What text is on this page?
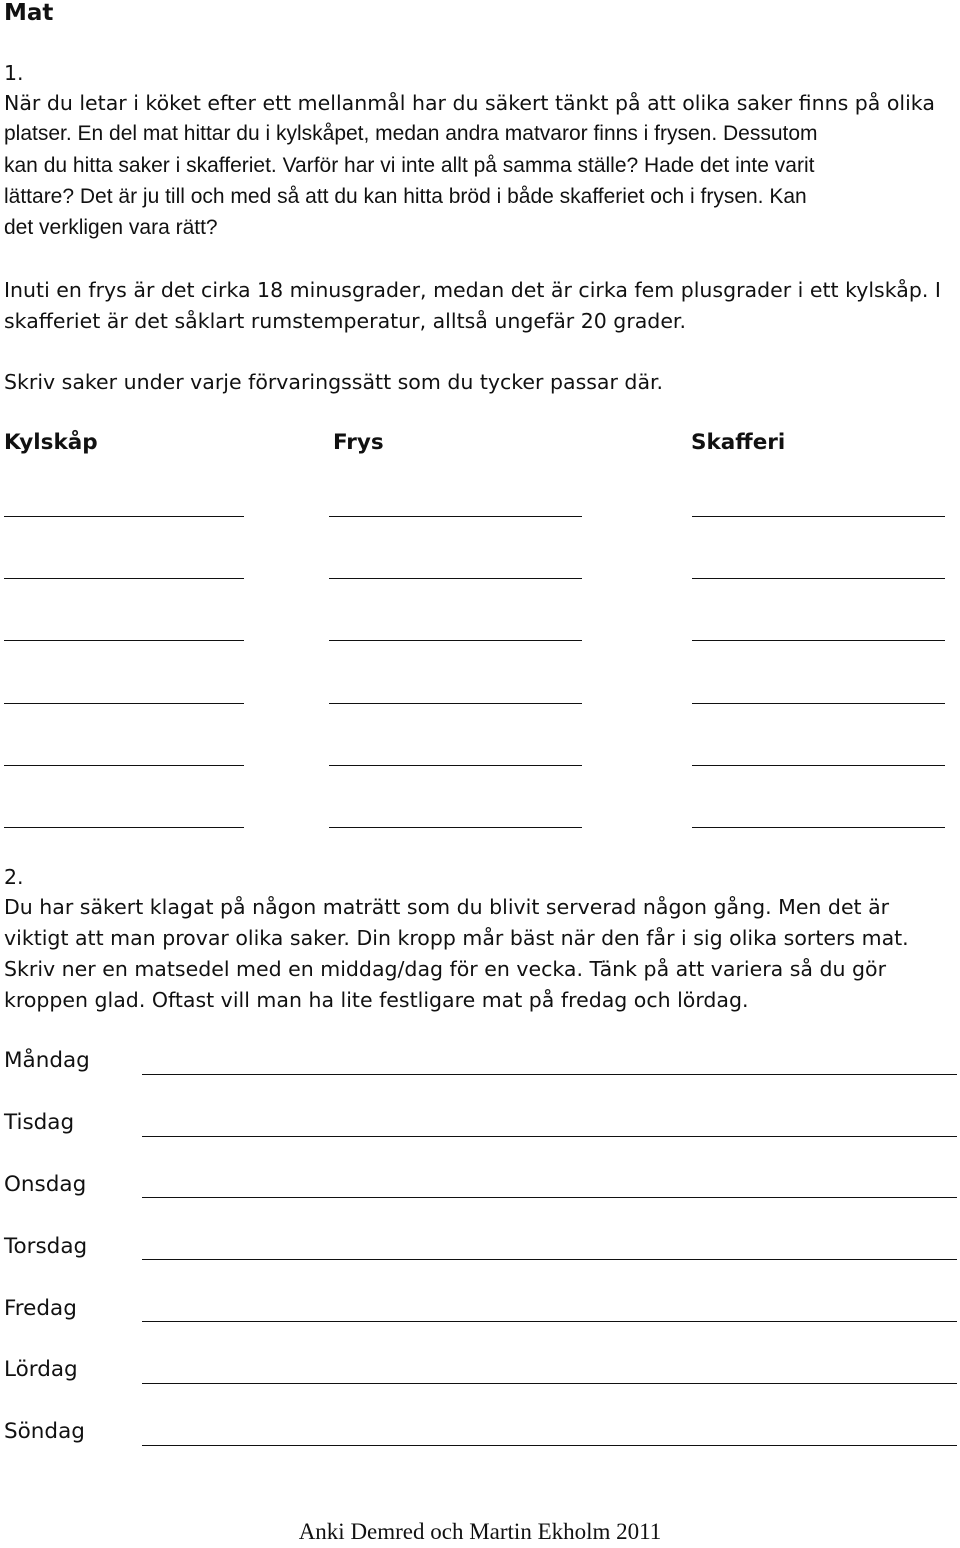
Mat
1.
När du letar i köket efter ett mellanmål har du säkert tänkt på att olika saker finns på olika
platser. En del mat hittar du i kylskåpet, medan andra matvaror finns i frysen. Dessutom
kan du hitta saker i skafferiet. Varför har vi inte allt på samma ställe? Hade det inte varit
lättare? Det är ju till och med så att du kan hitta bröd i både skafferiet och i frysen. Kan
det verkligen vara rätt?
Inuti en frys är det cirka 18 minusgrader, medan det är cirka fem plusgrader i ett kylskåp. I
skafferiet är det såklart rumstemperatur, alltså ungefär 20 grader.
Skriv saker under varje förvaringssätt som du tycker passar där.
Kylskåp	Frys	Skafferi
2.
Du har säkert klagat på någon maträtt som du blivit serverad någon gång. Men det är
viktigt att man provar olika saker. Din kropp mår bäst när den får i sig olika sorters mat.
Skriv ner en matsedel med en middag/dag för en vecka. Tänk på att variera så du gör
kroppen glad. Oftast vill man ha lite festligare mat på fredag och lördag.
Måndag
Tisdag
Onsdag
Torsdag
Fredag
Lördag
Söndag
Anki Demred och Martin Ekholm 2011
